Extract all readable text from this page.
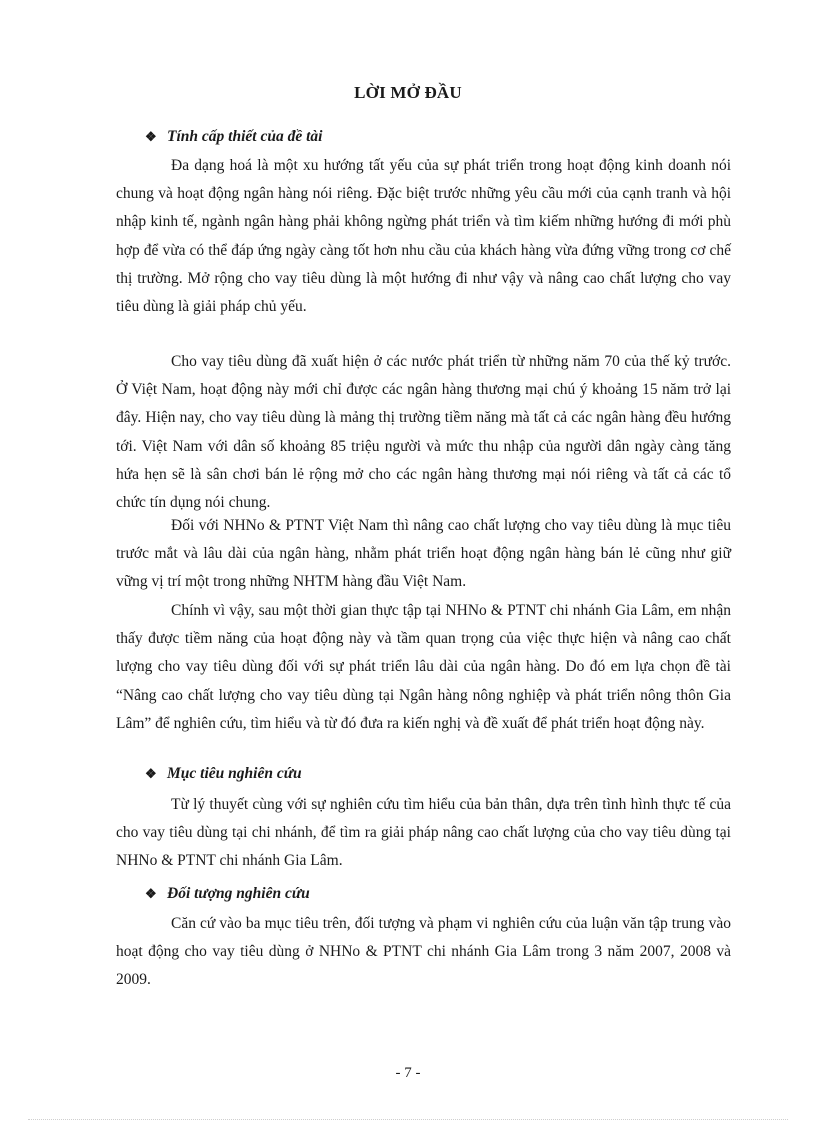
LỜI MỞ ĐẦU
❖ Tính cấp thiết của đề tài

Đa dạng hoá là một xu hướng tất yếu của sự phát triển trong hoạt động kinh doanh nói chung và hoạt động ngân hàng nói riêng. Đặc biệt trước những yêu cầu mới của cạnh tranh và hội nhập kinh tế, ngành ngân hàng phải không ngừng phát triển và tìm kiếm những hướng đi mới phù hợp để vừa có thể đáp ứng ngày càng tốt hơn nhu cầu của khách hàng vừa đứng vững trong cơ chế thị trường. Mở rộng cho vay tiêu dùng là một hướng đi như vậy và nâng cao chất lượng cho vay tiêu dùng là giải pháp chủ yếu.

Cho vay tiêu dùng đã xuất hiện ở các nước phát triển từ những năm 70 của thế kỷ trước. Ở Việt Nam, hoạt động này mới chỉ được các ngân hàng thương mại chú ý khoảng 15 năm trở lại đây. Hiện nay, cho vay tiêu dùng là mảng thị trường tiềm năng mà tất cả các ngân hàng đều hướng tới. Việt Nam với dân số khoảng 85 triệu người và mức thu nhập của người dân ngày càng tăng hứa hẹn sẽ là sân chơi bán lẻ rộng mở cho các ngân hàng thương mại nói riêng và tất cả các tổ chức tín dụng nói chung.

Đối với NHNo & PTNT Việt Nam thì nâng cao chất lượng cho vay tiêu dùng là mục tiêu trước mắt và lâu dài của ngân hàng, nhằm phát triển hoạt động ngân hàng bán lẻ cũng như giữ vững vị trí một trong những NHTM hàng đầu Việt Nam.

Chính vì vậy, sau một thời gian thực tập tại NHNo & PTNT chi nhánh Gia Lâm, em nhận thấy được tiềm năng của hoạt động này và tầm quan trọng của việc thực hiện và nâng cao chất lượng cho vay tiêu dùng đối với sự phát triển lâu dài của ngân hàng. Do đó em lựa chọn đề tài “Nâng cao chất lượng cho vay tiêu dùng tại Ngân hàng nông nghiệp và phát triển nông thôn Gia Lâm” để nghiên cứu, tìm hiểu và từ đó đưa ra kiến nghị và đề xuất để phát triển hoạt động này.

❖ Mục tiêu nghiên cứu

Từ lý thuyết cùng với sự nghiên cứu tìm hiểu của bản thân, dựa trên tình hình thực tế của cho vay tiêu dùng tại chi nhánh, để tìm ra giải pháp nâng cao chất lượng của cho vay tiêu dùng tại NHNo & PTNT chi nhánh Gia Lâm.

❖ Đối tượng nghiên cứu

Căn cứ vào ba mục tiêu trên, đối tượng và phạm vi nghiên cứu của luận văn tập trung vào hoạt động cho vay tiêu dùng ở NHNo & PTNT chi nhánh Gia Lâm trong 3 năm 2007, 2008 và 2009.

- 7 -
